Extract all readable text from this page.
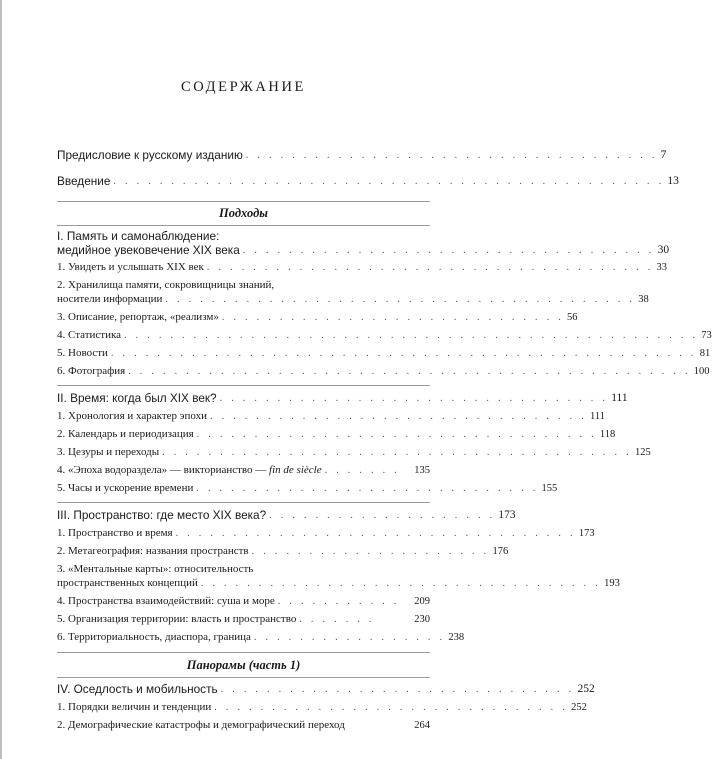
СОДЕРЖАНИЕ
Предисловие к русскому изданию . . . . . . . . . . . . . . . . . . . . . . . . . . . . . . . . . . . . 7
Введение . . . . . . . . . . . . . . . . . . . . . . . . . . . . . . . . . . . . . . . . . . . . . . . . 13
Подходы
I. Память и самонаблюдение:
медийное увековечение XIX века . . . . . . . . . . . . . . . . . . . . . . . . . . . . . . . . . . . . 30
1. Увидеть и услышать XIX век . . . . . . . . . . . . . . . . . . . . . . . . . . . . . . . . . . . . . . . 33
2. Хранилища памяти, сокровищницы знаний,
носители информации . . . . . . . . . . . . . . . . . . . . . . . . . . . . . . . . . . . . . . . . . 38
3. Описание, репортаж, «реализм» . . . . . . . . . . . . . . . . . . . . . . . . . . . . . . 56
4. Статистика . . . . . . . . . . . . . . . . . . . . . . . . . . . . . . . . . . . . . . . . . . . . . . . . . . 73
5. Новости . . . . . . . . . . . . . . . . . . . . . . . . . . . . . . . . . . . . . . . . . . . . . . . . . . . 81
6. Фотография . . . . . . . . . . . . . . . . . . . . . . . . . . . . . . . . . . . . . . . . . . . . . . . . . 100
II. Время: когда был XIX век? . . . . . . . . . . . . . . . . . . . . . . . . . . . . . . . . . . 111
1. Хронология и характер эпохи . . . . . . . . . . . . . . . . . . . . . . . . . . . . . . . . . 111
2. Календарь и периодизация . . . . . . . . . . . . . . . . . . . . . . . . . . . . . . . . . . . 118
3. Цезуры и переходы . . . . . . . . . . . . . . . . . . . . . . . . . . . . . . . . . . . . . . . . . 125
4. «Эпоха водораздела» — викторианство — fin de siècle . . . . . . .	135
5. Часы и ускорение времени . . . . . . . . . . . . . . . . . . . . . . . . . . . . . . 155
III. Пространство: где место XIX века? . . . . . . . . . . . . . . . . . . . . 173
1. Пространство и время . . . . . . . . . . . . . . . . . . . . . . . . . . . . . . . . . . . 173
2. Метагеография: названия пространств . . . . . . . . . . . . . . . . . . . . . 176
3. «Ментальные карты»: относительность
пространственных концепций . . . . . . . . . . . . . . . . . . . . . . . . . . . . . . . . . . . 193
4. Пространства взаимодействий: суша и море . . . . . . . . . . .	209
5. Организация территории: власть и пространство . . . . . . .	230
6. Территориальность, диаспора, граница . . . . . . . . . . . . . . . . . 238
Панорамы (часть 1)
IV. Оседлость и мобильность . . . . . . . . . . . . . . . . . . . . . . . . . . . . . . . 252
1. Порядки величин и тенденции . . . . . . . . . . . . . . . . . . . . . . . . . . . . . . . 252
2. Демографические катастрофы и демографический переход	264
